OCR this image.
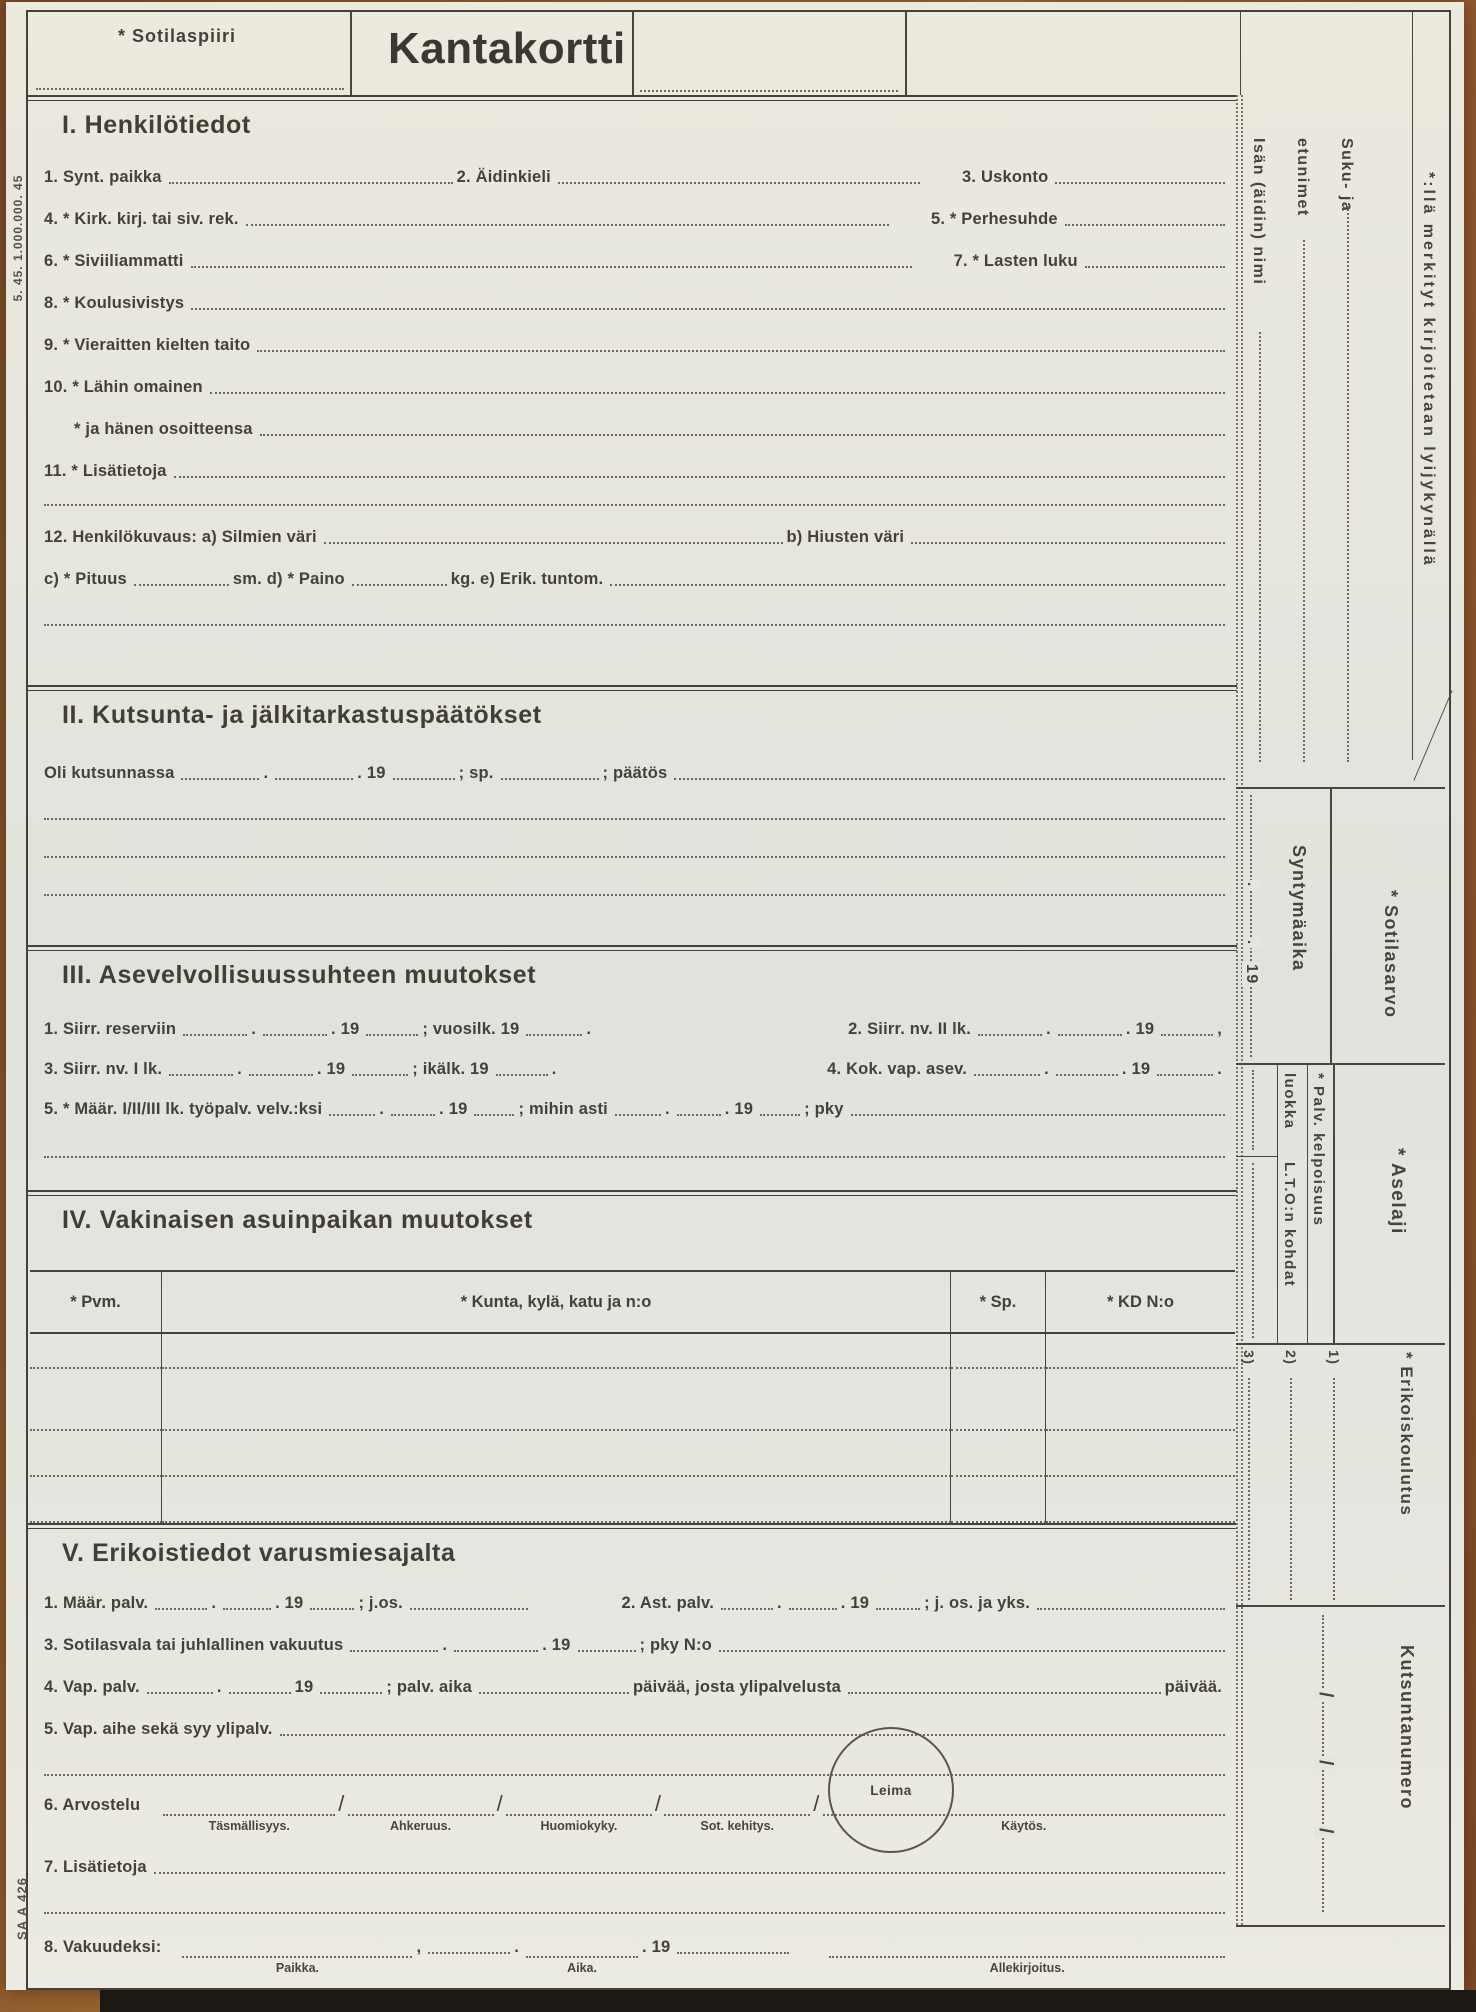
* Sotilaspiiri	Kantakortti
I. Henkilötiedot
1. Synt. paikka	2. Äidinkieli	3. Uskonto
4. * Kirk. kirj. tai siv. rek.	5. * Perhesuhde
6. * Siviiliammatti	7. * Lasten luku
8. * Koulusivistys
9. * Vieraitten kielten taito
10. * Lähin omainen
* ja hänen osoitteensa
11. * Lisätietoja
12. Henkilökuvaus: a) Silmien väri	b) Hiusten väri
c) * Pituus	sm. d) * Paino	kg. e) Erik. tuntom.
II. Kutsunta- ja jälkitarkastuspäätökset
Oli kutsunnassa	.	. 19	; sp.	; päätös
III. Asevelvollisuussuhteen muutokset
1. Siirr. reserviin	.	. 19	; vuosilk. 19	.	2. Siirr. nv. II lk.	.	. 19	,
3. Siirr. nv. I lk.	.	. 19	; ikälk. 19	.	4. Kok. vap. asev.	.	. 19	.
5. * Määr. I/II/III lk. työpalv. velv.:ksi	.	. 19	; mihin asti	.	. 19	; pky
IV. Vakinaisen asuinpaikan muutokset
* Pvm.	* Kunta, kylä, katu ja n:o	* Sp.	* KD N:o
V. Erikoistiedot varusmiesajalta
1. Määr. palv.	.	. 19	; j.os.	2. Ast. palv.	.	. 19	; j. os. ja yks.
3. Sotilasvala tai juhlallinen vakuutus	.	. 19	; pky N:o
4. Vap. palv.	.	19	; palv. aika	päivää, josta ylipalvelusta	päivää.
5. Vap. aihe sekä syy ylipalv.
6. Arvostelu
Täsmällisyys.
/
Ahkeruus.
/
Huomiokyky.
/
Sot. kehitys.
/
Käytös.
7. Lisätietoja
8. Vakuudeksi:
Paikka.
,	.
Aika.
. 19
Allekirjoitus.
Leima
Suku- ja
etunimet
Isän (äidin) nimi	*:llä merkityt kirjoitetaan lyijykynällä
Syntymäaika
.
.
19	* Sotilasarvo
luokka
L.T.O:n kohdat * Palv. kelpoisuus	* Aselaji
1)
2)
3)	* Erikoiskoulutus
Kutsuntanumero
/
/
/
5. 45. 1.000.000. 45
SA A 426
